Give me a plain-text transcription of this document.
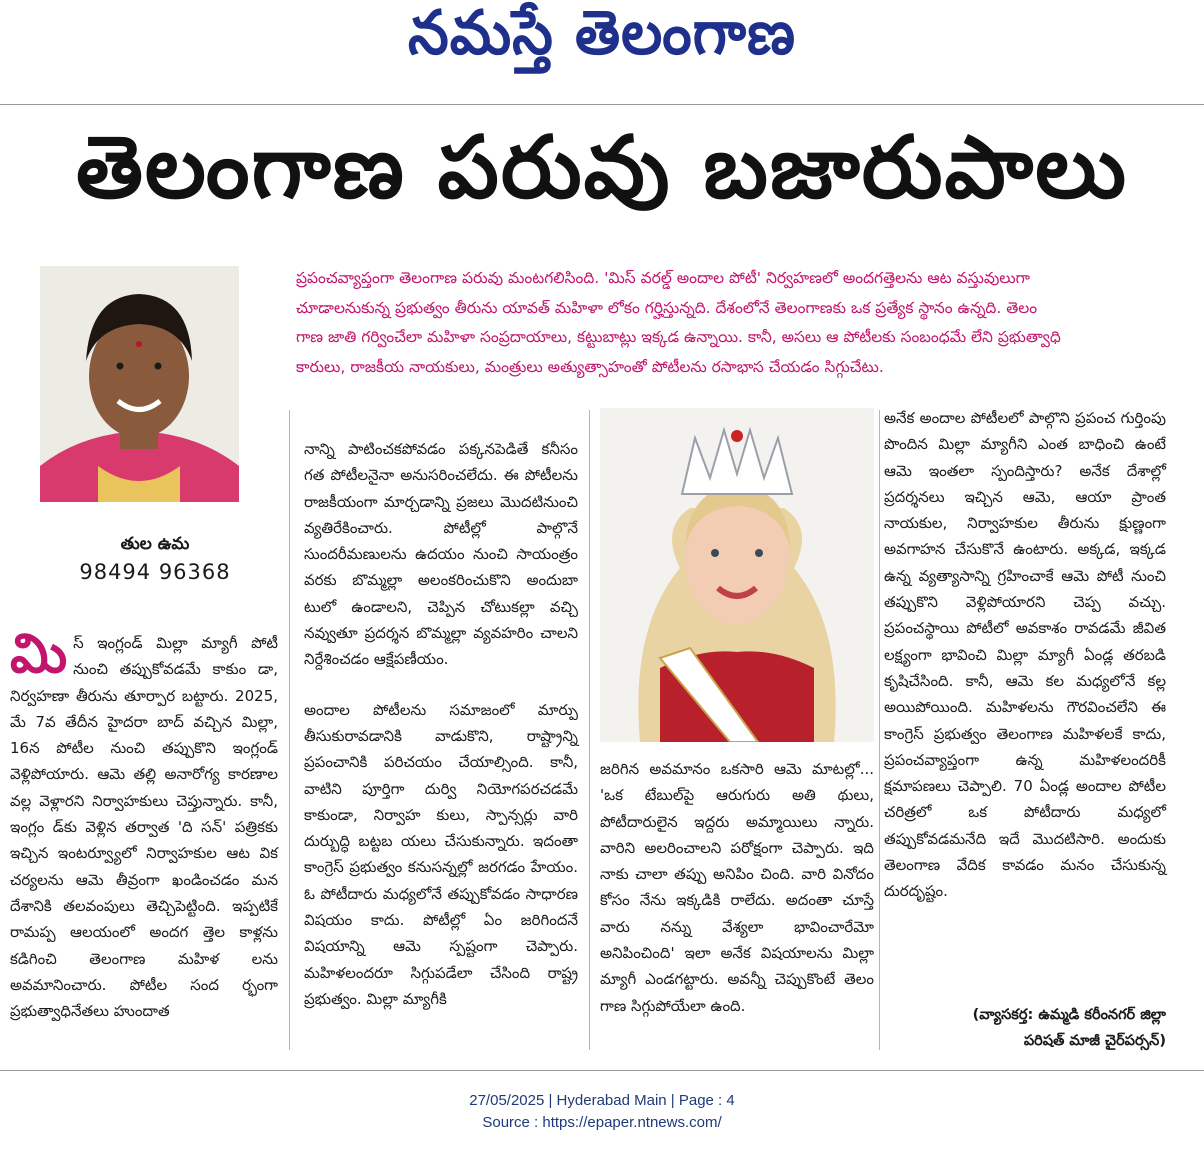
నమస్తే తెలంగాణ
తెలంగాణ పరువు బజారుపాలు
తుల ఉమ
98494 96368

ప్రపంచవ్యాప్తంగా తెలంగాణ పరువు మంటగలిసింది. 'మిస్ వరల్డ్ అందాల పోటీ' నిర్వహణలో అందగత్తెలను ఆట వస్తువులుగా

చూడాలనుకున్న ప్రభుత్వం తీరును యావత్ మహిళా లోకం గర్హిస్తున్నది. దేశంలోనే తెలంగాణకు ఒక ప్రత్యేక స్థానం ఉన్నది. తెలం

గాణ జాతి గర్వించేలా మహిళా సంప్రదాయాలు, కట్టుబాట్లు ఇక్కడ ఉన్నాయి. కానీ, అసలు ఆ పోటీలకు సంబంధమే లేని ప్రభుత్వాధి

కారులు, రాజకీయ నాయకులు, మంత్రులు అత్యుత్సాహంతో పోటీలను రసాభాస చేయడం సిగ్గుచేటు.

మి స్ ఇంగ్లండ్ మిల్లా మ్యాగీ పోటీ నుంచి తప్పుకోవడమే కాకుం డా, నిర్వహణా తీరును తూర్పార బట్టారు. 2025, మే 7వ తేదీన హైదరా బాద్ వచ్చిన మిల్లా, 16న పోటీల నుంచి తప్పుకొని ఇంగ్లండ్ వెళ్లిపోయారు. ఆమె తల్లి అనారోగ్య కారణాల వల్ల వెళ్లారని నిర్వాహకులు చెప్తున్నారు. కానీ, ఇంగ్లం డ్‌కు వెళ్లిన తర్వాత 'ది సన్' పత్రికకు ఇచ్చిన ఇంటర్వ్యూలో నిర్వాహకుల ఆట విక చర్యలను ఆమె తీవ్రంగా ఖండించడం మన దేశానికి తలవంపులు తెచ్చిపెట్టింది. ఇప్పటికే రామప్ప ఆలయంలో అందగ త్తెల కాళ్లను కడిగించి తెలంగాణ మహిళ లను అవమానించారు. పోటీల సంద ర్భంగా ప్రభుత్వాధినేతలు హుందాత

నాన్ని పాటించకపోవడం పక్కనపెడితే కనీసం గత పోటీలనైనా అనుసరించలేదు. ఈ పోటీలను రాజకీయంగా మార్చడాన్ని ప్రజలు మొదటినుంచి వ్యతిరేకించారు. పోటీల్లో పాల్గొనే సుందరీమణులను ఉదయం నుంచి సాయంత్రం వరకు బొమ్మల్లా అలంకరించుకొని అందుబా టులో ఉండాలని, చెప్పిన చోటుకల్లా వచ్చి నవ్వుతూ ప్రదర్శన బొమ్మల్లా వ్యవహరిం చాలని నిర్దేశించడం ఆక్షేపణీయం.

అందాల పోటీలను సమాజంలో మార్పు తీసుకురావడానికి వాడుకొని, రాష్ట్రాన్ని ప్రపంచానికి పరిచయం చేయాల్సింది. కానీ, వాటిని పూర్తిగా దుర్వి నియోగపరచడమే కాకుండా, నిర్వాహ కులు, స్పాన్సర్లు వారి దుర్బుద్ధి బట్టబ యలు చేసుకున్నారు. ఇదంతా కాంగ్రెస్ ప్రభుత్వం కనుసన్నల్లో జరగడం హేయం. ఓ పోటీదారు మధ్యలోనే తప్పుకోవడం సాధారణ విషయం కాదు. పోటీల్లో ఏం జరిగిందనే విషయాన్ని ఆమె స్పష్టంగా చెప్పారు. మహిళలందరూ సిగ్గుపడేలా చేసింది రాష్ట్ర ప్రభుత్వం. మిల్లా మ్యాగీకి

జరిగిన అవమానం ఒకసారి ఆమె మాటల్లో... 'ఒక టేబుల్‌పై ఆరుగురు అతి థులు, పోటీదారులైన ఇద్దరు అమ్మాయిలు న్నారు. వారిని అలరించాలని పరోక్షంగా చెప్పారు. ఇది నాకు చాలా తప్పు అనిపిం చింది. వారి వినోదం కోసం నేను ఇక్కడికి రాలేదు. అదంతా చూస్తే వారు నన్ను వేశ్యలా భావించారేమో అనిపించింది' ఇలా అనేక విషయాలను మిల్లా మ్యాగీ ఎండగట్టారు. అవన్నీ చెప్పుకొంటే తెలం గాణ సిగ్గుపోయేలా ఉంది.

అనేక అందాల పోటీలలో పాల్గొని ప్రపంచ గుర్తింపు పొందిన మిల్లా మ్యాగీని ఎంత బాధించి ఉంటే ఆమె ఇంతలా స్పందిస్తారు? అనేక దేశాల్లో ప్రదర్శనలు ఇచ్చిన ఆమె, ఆయా ప్రాంత నాయకుల, నిర్వాహకుల తీరును క్షుణ్ణంగా అవగాహన చేసుకొనే ఉంటారు. అక్కడ, ఇక్కడ ఉన్న వ్యత్యాసాన్ని గ్రహించాకే ఆమె పోటీ నుంచి తప్పుకొని వెళ్లిపోయారని చెప్ప వచ్చు. ప్రపంచస్థాయి పోటీలో అవకాశం రావడమే జీవిత లక్ష్యంగా భావించి మిల్లా మ్యాగీ ఏండ్ల తరబడి కృషిచేసింది. కానీ, ఆమె కల మధ్యలోనే కల్ల అయిపోయింది. మహిళలను గౌరవించలేని ఈ కాంగ్రెస్ ప్రభుత్వం తెలంగాణ మహిళలకే కాదు, ప్రపంచవ్యాప్తంగా ఉన్న మహిళలందరికీ క్షమాపణలు చెప్పాలి. 70 ఏండ్ల అందాల పోటీల చరిత్రలో ఒక పోటీదారు మధ్యలో తప్పుకోవడమనేది ఇదే మొదటిసారి. అందుకు తెలంగాణ వేదిక కావడం మనం చేసుకున్న దురదృష్టం.

(వ్యాసకర్త: ఉమ్మడి కరీంనగర్ జిల్లా
పరిషత్ మాజీ చైర్‌పర్సన్)
27/05/2025 | Hyderabad Main | Page : 4
Source : https://epaper.ntnews.com/
